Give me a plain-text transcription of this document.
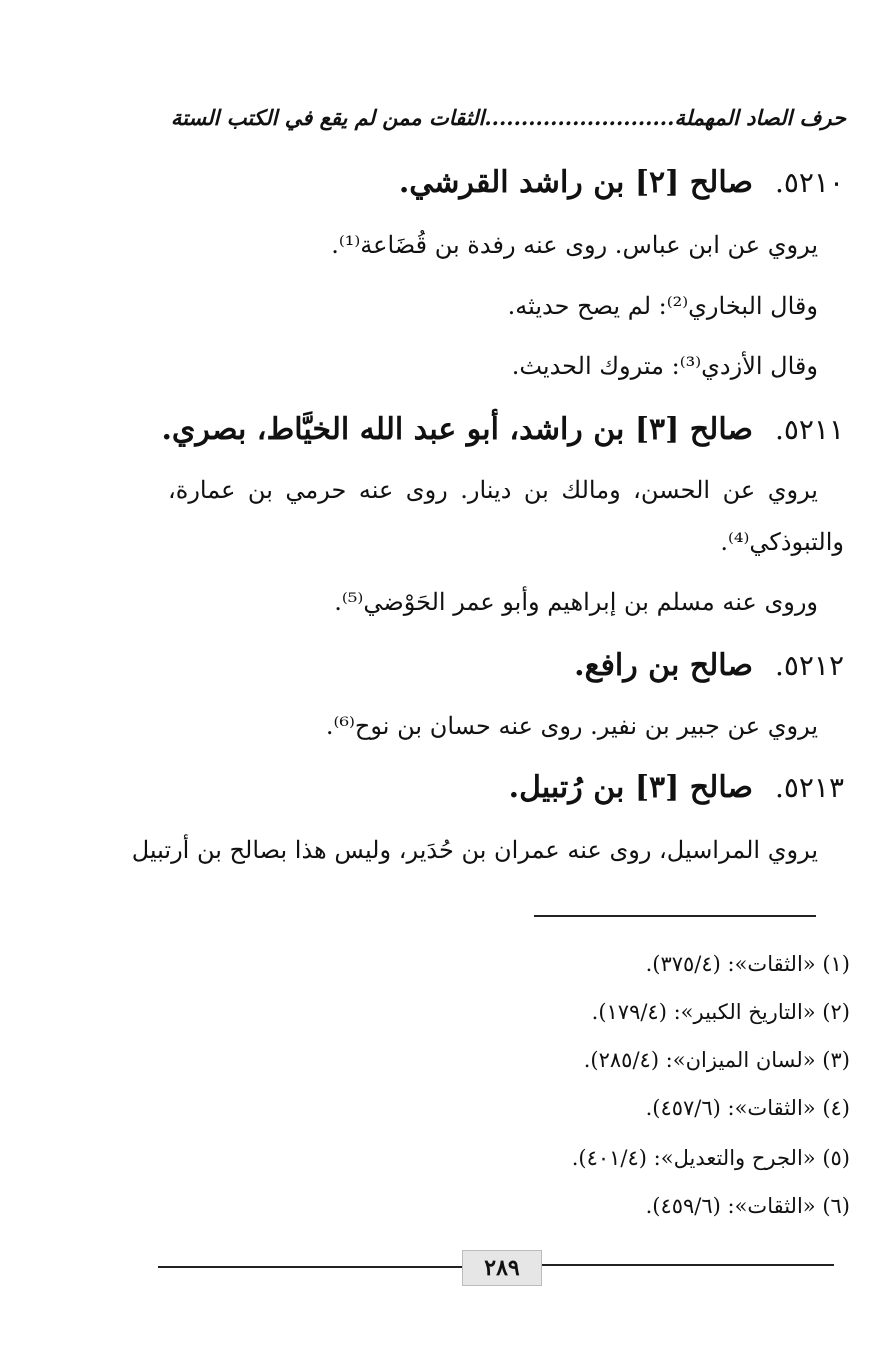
حرف الصاد المهملة..........................الثقات ممن لم يقع في الكتب الستة
٥٢١٠.صالح [٢] بن راشد القرشي.
يروي عن ابن عباس. روى عنه رفدة بن قُضَاعة⁽¹⁾.
وقال البخاري⁽²⁾: لم يصح حديثه.
وقال الأزدي⁽³⁾: متروك الحديث.
٥٢١١.صالح [٣] بن راشد، أبو عبد الله الخيَّاط، بصري.
يروي عن الحسن، ومالك بن دينار. روى عنه حرمي بن عمارة،
والتبوذكي⁽⁴⁾.
وروى عنه مسلم بن إبراهيم وأبو عمر الحَوْضي⁽⁵⁾.
٥٢١٢.صالح بن رافع.
يروي عن جبير بن نفير. روى عنه حسان بن نوح⁽⁶⁾.
٥٢١٣.صالح [٣] بن رُتبيل.
يروي المراسيل، روى عنه عمران بن حُدَير، وليس هذا بصالح بن أرتبيل
(١) «الثقات»: (٣٧٥/٤).
(٢) «التاريخ الكبير»: (١٧٩/٤).
(٣) «لسان الميزان»: (٢٨٥/٤).
(٤) «الثقات»: (٤٥٧/٦).
(٥) «الجرح والتعديل»: (٤٠١/٤).
(٦) «الثقات»: (٤٥٩/٦).
٢٨٩
